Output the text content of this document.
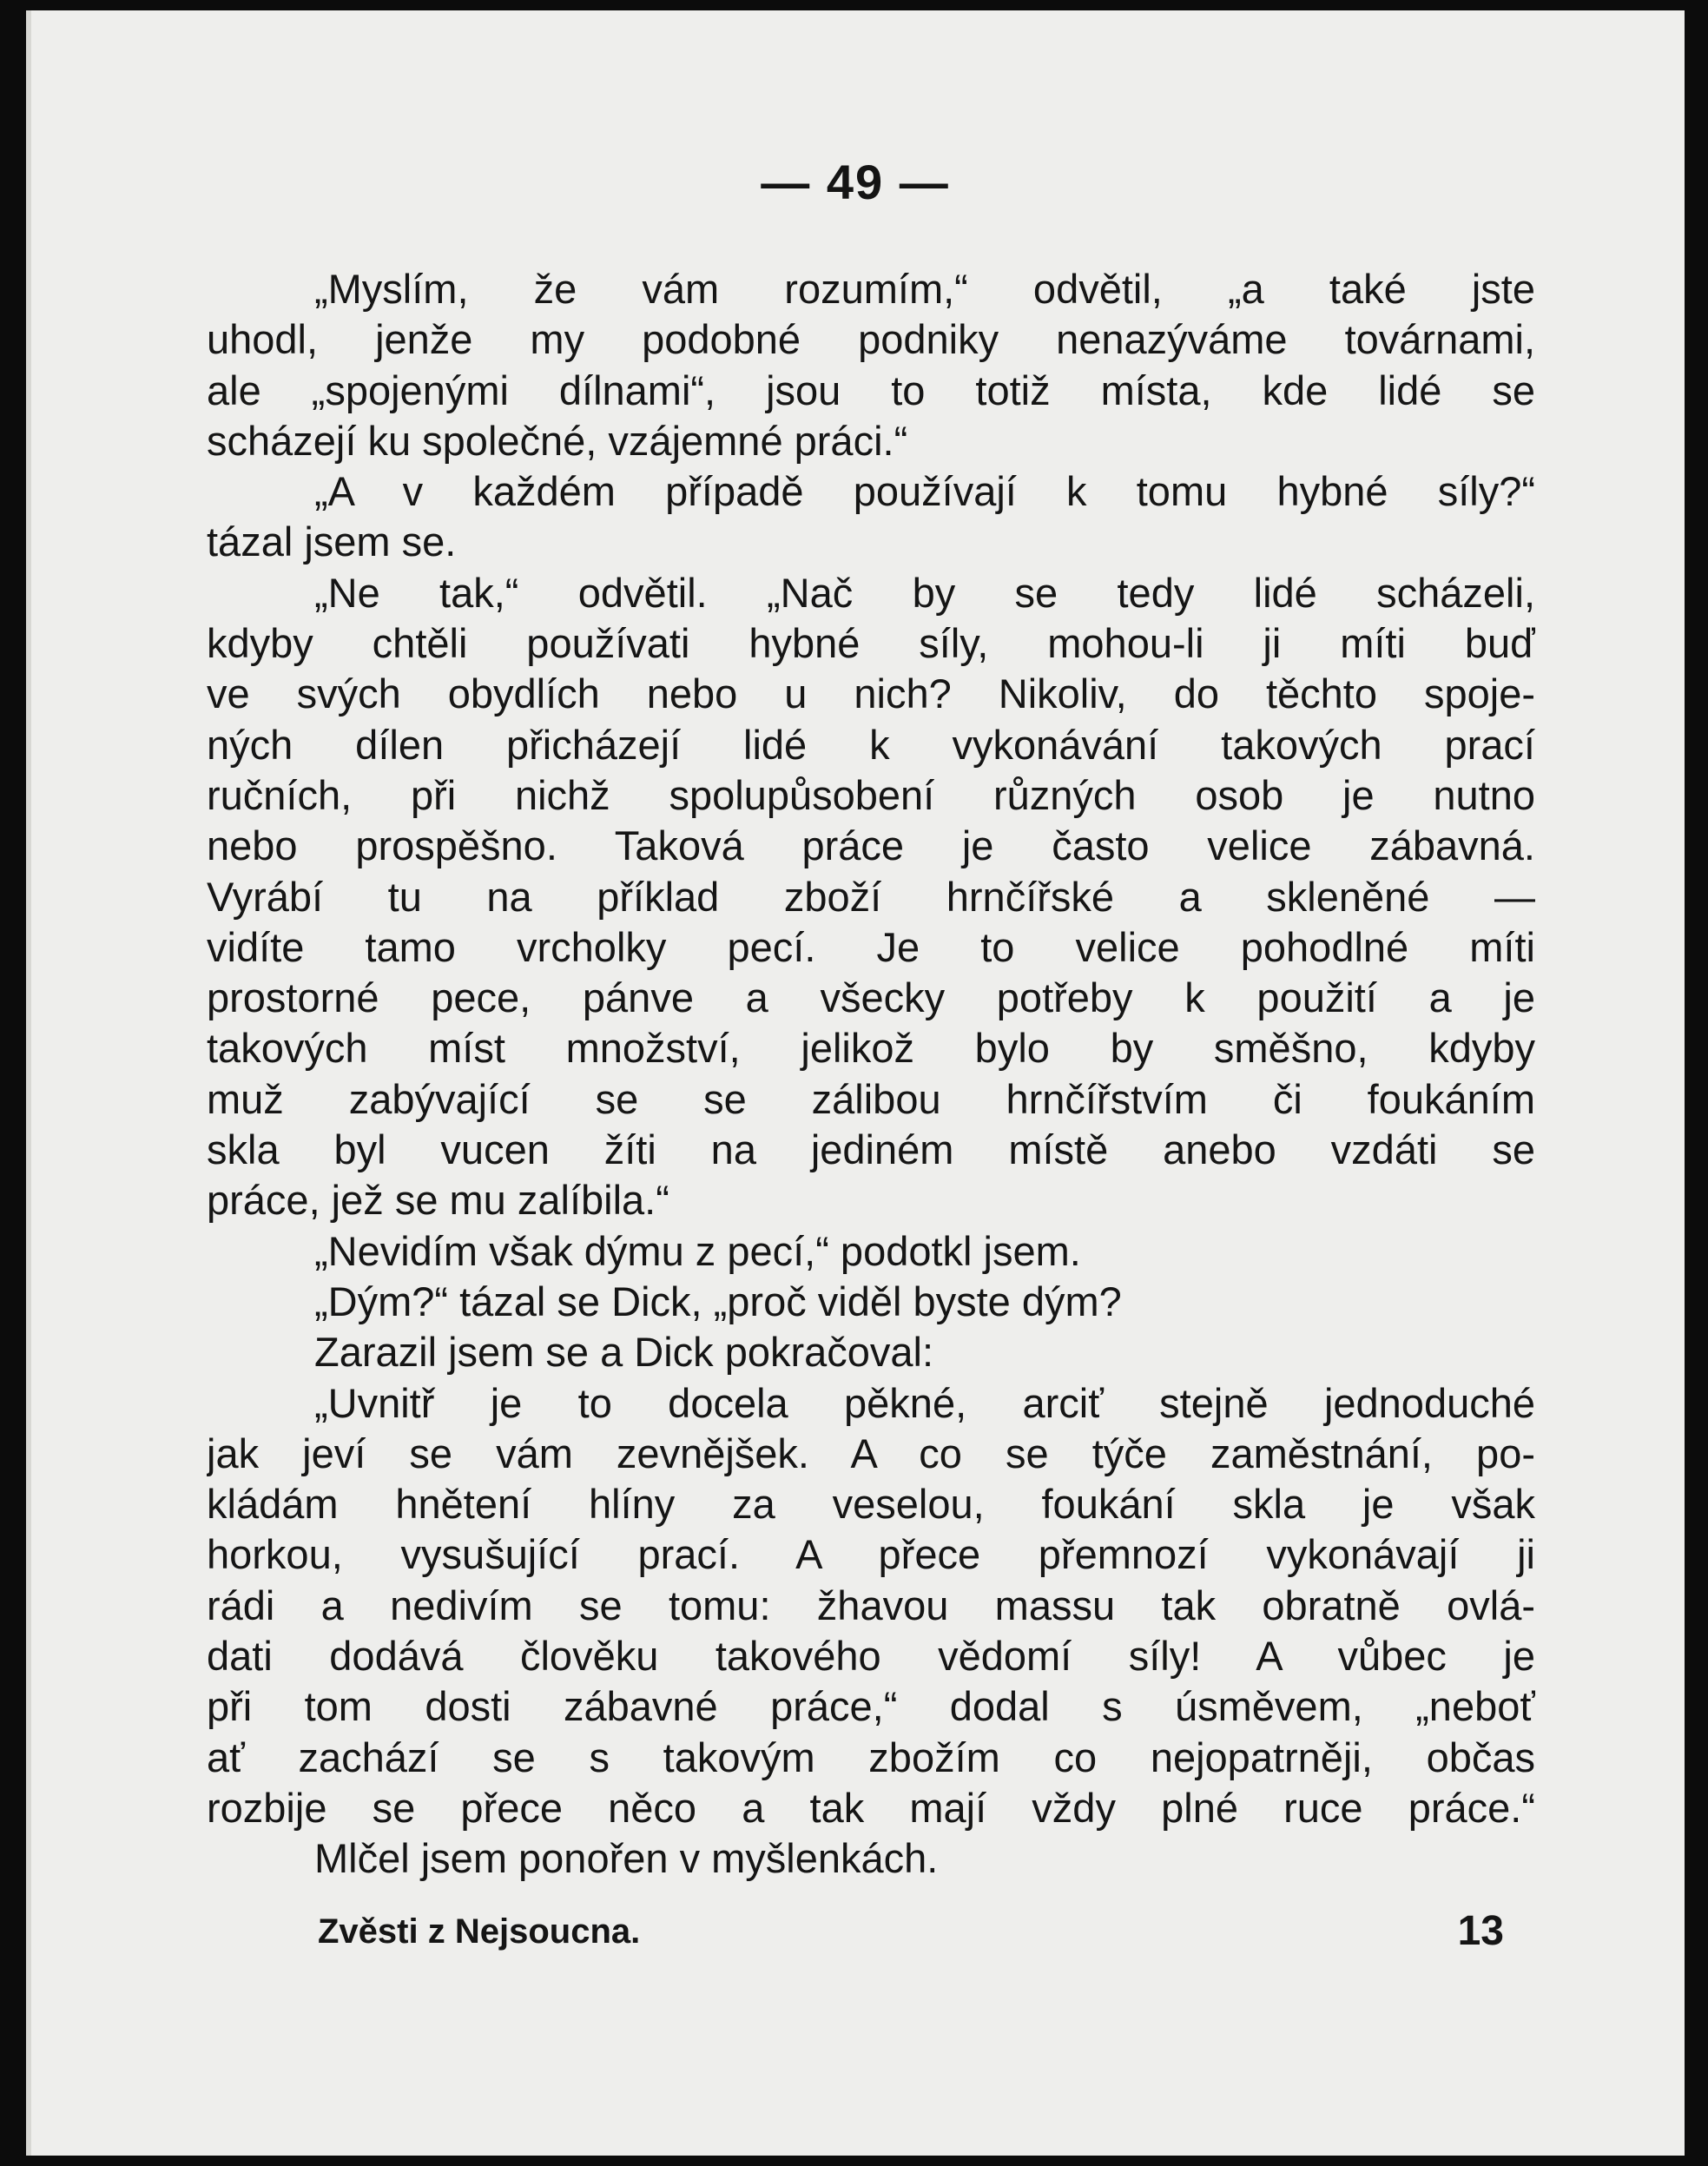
— 49 —
„Myslím, že vám rozumím,“ odvětil, „a také jste
uhodl, jenže my podobné podniky nenazýváme továrnami,
ale „spojenými dílnami“, jsou to totiž místa, kde lidé se
scházejí ku společné, vzájemné práci.“
„A v každém případě používají k tomu hybné síly?“
tázal jsem se.
„Ne tak,“ odvětil. „Nač by se tedy lidé scházeli,
kdyby chtěli používati hybné síly, mohou-li ji míti buď
ve svých obydlích nebo u nich? Nikoliv, do těchto spoje-
ných dílen přicházejí lidé k vykonávání takových prací
ručních, při nichž spolupůsobení různých osob je nutno
nebo prospěšno. Taková práce je často velice zábavná.
Vyrábí tu na příklad zboží hrnčířské a skleněné —
vidíte tamo vrcholky pecí. Je to velice pohodlné míti
prostorné pece, pánve a všecky potřeby k použití a je
takových míst množství, jelikož bylo by směšno, kdyby
muž zabývající se se zálibou hrnčířstvím či foukáním
skla byl vucen žíti na jediném místě anebo vzdáti se
práce, jež se mu zalíbila.“
„Nevidím však dýmu z pecí,“ podotkl jsem.
„Dým?“ tázal se Dick, „proč viděl byste dým?
Zarazil jsem se a Dick pokračoval:
„Uvnitř je to docela pěkné, arciť stejně jednoduché
jak jeví se vám zevnějšek. A co se týče zaměstnání, po-
kládám hnětení hlíny za veselou, foukání skla je však
horkou, vysušující prací. A přece přemnozí vykonávají ji
rádi a nedivím se tomu: žhavou massu tak obratně ovlá-
dati dodává člověku takového vědomí síly! A vůbec je
při tom dosti zábavné práce,“ dodal s úsměvem, „neboť
ať zachází se s takovým zbožím co nejopatrněji, občas
rozbije se přece něco a tak mají vždy plné ruce práce.“
Mlčel jsem ponořen v myšlenkách.
Zvěsti z Nejsoucna.	13
